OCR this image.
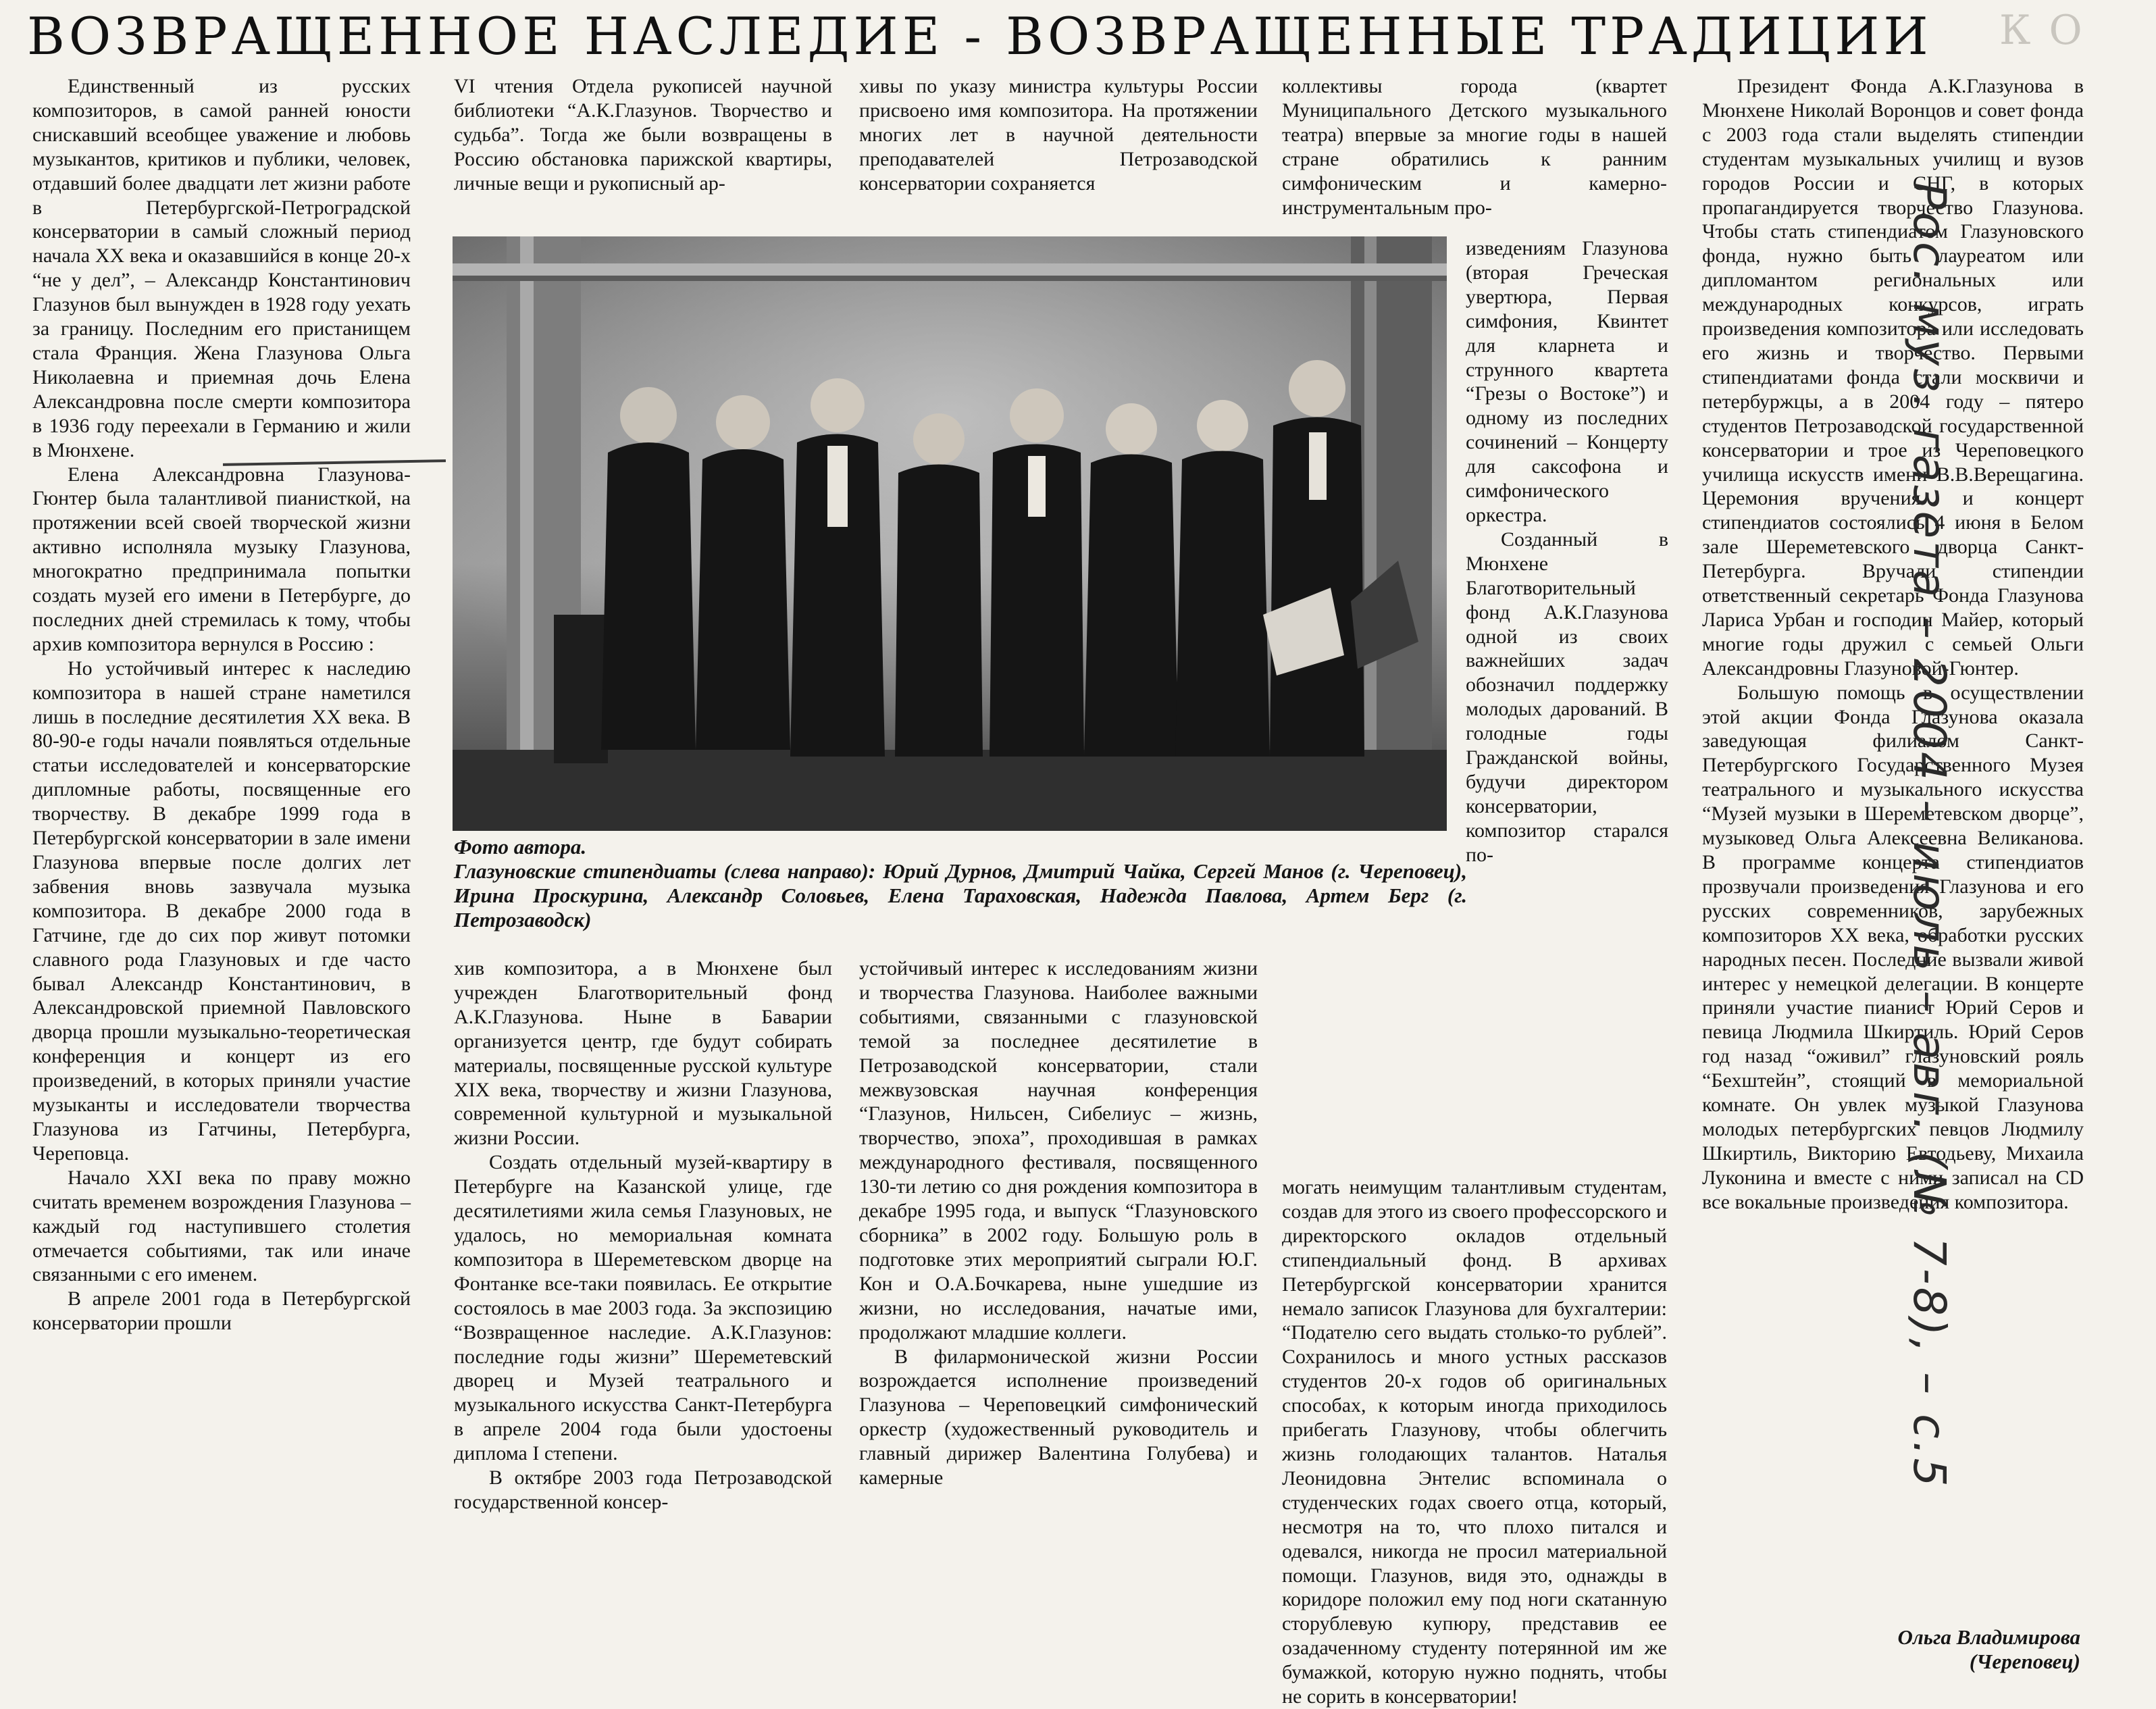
ВОЗВРАЩЕННОЕ НАСЛЕДИЕ - ВОЗВРАЩЕННЫЕ ТРАДИЦИИ	К О

Единственный из русских композиторов, в самой ранней юности снискавший всеобщее уважение и любовь музыкантов, критиков и публики, человек, отдавший более двадцати лет жизни работе в Петербургской-Петроградской консерватории в самый сложный период начала XX века и оказавшийся в конце 20-х “не у дел”, – Александр Константинович Глазунов был вынужден в 1928 году уехать за границу. Последним его пристанищем стала Франция. Жена Глазунова Ольга Николаевна и приемная дочь Елена Александровна после смерти композитора в 1936 году переехали в Германию и жили в Мюнхене.

Елена Александровна Глазунова-Гюнтер была талантливой пианисткой, на протяжении всей своей творческой жизни активно исполняла музыку Глазунова, многократно предпринимала попытки создать музей его имени в Петербурге, до последних дней стремилась к тому, чтобы архив композитора вернулся в Россию :

Но устойчивый интерес к наследию композитора в нашей стране наметился лишь в последние десятилетия XX века. В 80-90-е годы начали появляться отдельные статьи исследователей и консерваторские дипломные работы, посвященные его творчеству. В декабре 1999 года в Петербургской консерватории в зале имени Глазунова впервые после долгих лет забвения вновь зазвучала музыка композитора. В декабре 2000 года в Гатчине, где до сих пор живут потомки славного рода Глазуновых и где часто бывал Александр Константинович, в Александровской приемной Павловского дворца прошли музыкально-теоретическая конференция и концерт из его произведений, в которых приняли участие музыканты и исследователи творчества Глазунова из Гатчины, Петербурга, Череповца.

Начало XXI века по праву можно считать временем возрождения Глазунова – каждый год наступившего столетия отмечается событиями, так или иначе связанными с его именем.

В апреле 2001 года в Петербургской консерватории прошли

VI чтения Отдела рукописей научной библиотеки “А.К.Глазунов. Творчество и судьба”. Тогда же были возвращены в Россию обстановка парижской квартиры, личные вещи и рукописный ар-

хивы по указу министра культуры России присвоено имя композитора. На протяжении многих лет в научной деятельности преподавателей Петрозаводской консерватории сохраняется

коллективы города (квартет Муниципального Детского музыкального театра) впервые за многие годы в нашей стране обратились к ранним симфоническим и камерно-инструментальным про-

изведениям Глазунова (вторая Греческая увертюра, Первая симфония, Квинтет для кларнета и струнного квартета “Грезы о Востоке”) и одному из последних сочинений – Концерту для саксофона и симфонического оркестра.

Созданный в Мюнхене Благотворительный фонд А.К.Глазунова одной из своих важнейших задач обозначил поддержку молодых дарований. В голодные годы Гражданской войны, будучи директором консерватории, композитор старался по-

Фото автора.
Глазуновские стипендиаты (слева направо): Юрий Дурнов, Дмитрий Чайка, Сергей Манов (г. Череповец), Ирина Проскурина, Александр Соловьев, Елена Тараховская, Надежда Павлова, Артем Берг (г. Петрозаводск)

хив композитора, а в Мюнхене был учрежден Благотворительный фонд А.К.Глазунова. Ныне в Баварии организуется центр, где будут собирать материалы, посвященные русской культуре XIX века, творчеству и жизни Глазунова, современной культурной и музыкальной жизни России.

Создать отдельный музей-квартиру в Петербурге на Казанской улице, где десятилетиями жила семья Глазуновых, не удалось, но мемориальная комната композитора в Шереметевском дворце на Фонтанке все-таки появилась. Ее открытие состоялось в мае 2003 года. За экспозицию “Возвращенное наследие. А.К.Глазунов: последние годы жизни” Шереметевский дворец и Музей театрального и музыкального искусства Санкт-Петербурга в апреле 2004 года были удостоены диплома I степени.

В октябре 2003 года Петрозаводской государственной консер-

устойчивый интерес к исследованиям жизни и творчества Глазунова. Наиболее важными событиями, связанными с глазуновской темой за последнее десятилетие в Петрозаводской консерватории, стали межвузовская научная конференция “Глазунов, Нильсен, Сибелиус – жизнь, творчество, эпоха”, проходившая в рамках международного фестиваля, посвященного 130-ти летию со дня рождения композитора в декабре 1995 года, и выпуск “Глазуновского сборника” в 2002 году. Большую роль в подготовке этих мероприятий сыграли Ю.Г. Кон и О.А.Бочкарева, ныне ушедшие из жизни, но исследования, начатые ими, продолжают младшие коллеги.

В филармонической жизни России возрождается исполнение произведений Глазунова – Череповецкий симфонический оркестр (художественный руководитель и главный дирижер Валентина Голубева) и камерные

могать неимущим талантливым студентам, создав для этого из своего профессорского и директорского окладов отдельный стипендиальный фонд. В архивах Петербургской консерватории хранится немало записок Глазунова для бухгалтерии: “Подателю сего выдать столько-то рублей”. Сохранилось и много устных рассказов студентов 20-х годов об оригинальных способах, к которым иногда приходилось прибегать Глазунову, чтобы облегчить жизнь голодающих талантов. Наталья Леонидовна Энтелис вспоминала о студенческих годах своего отца, который, несмотря на то, что плохо питался и одевался, никогда не просил материальной помощи. Глазунов, видя это, однажды в коридоре положил ему под ноги скатанную сторублевую купюру, представив ее озадаченному студенту потерянной им же бумажкой, которую нужно поднять, чтобы не сорить в консерватории!

Президент Фонда А.К.Глазунова в Мюнхене Николай Воронцов и совет фонда с 2003 года стали выделять стипендии студентам музыкальных училищ и вузов городов России и СНГ, в которых пропагандируется творчество Глазунова. Чтобы стать стипендиатом Глазуновского фонда, нужно быть лауреатом или дипломантом региональных или международных конкурсов, играть произведения композитора или исследовать его жизнь и творчество. Первыми стипендиатами фонда стали москвичи и петербуржцы, а в 2004 году – пятеро студентов Петрозаводской государственной консерватории и трое из Череповецкого училища искусств имени В.В.Верещагина. Церемония вручения и концерт стипендиатов состоялись 4 июня в Белом зале Шереметевского дворца Санкт-Петербурга. Вручали стипендии ответственный секретарь Фонда Глазунова Лариса Урбан и господин Майер, который многие годы дружил с семьей Ольги Александровны Глазуновой-Гюнтер.

Большую помощь в осуществлении этой акции Фонда Глазунова оказала заведующая филиалом Санкт-Петербургского Государственного Музея театрального и музыкального искусства “Музей музыки в Шереметевском дворце”, музыковед Ольга Алексеевна Великанова. В программе концерта стипендиатов прозвучали произведения Глазунова и его русских современников, зарубежных композиторов XX века, обработки русских народных песен. Последние вызвали живой интерес у немецкой делегации. В концерте приняли участие пианист Юрий Серов и певица Людмила Шкиртиль. Юрий Серов год назад “оживил” глазуновский рояль “Бехштейн”, стоящий в мемориальной комнате. Он увлек музыкой Глазунова молодых петербургских певцов Людмилу Шкиртиль, Викторию Евтодьеву, Михаила Луконина и вместе с ними записал на CD все вокальные произведения композитора.

Ольга Владимирова
(Череповец)
Рос. муз. газета – 2004 – июль – авг. (№ 7-8), – с.5
